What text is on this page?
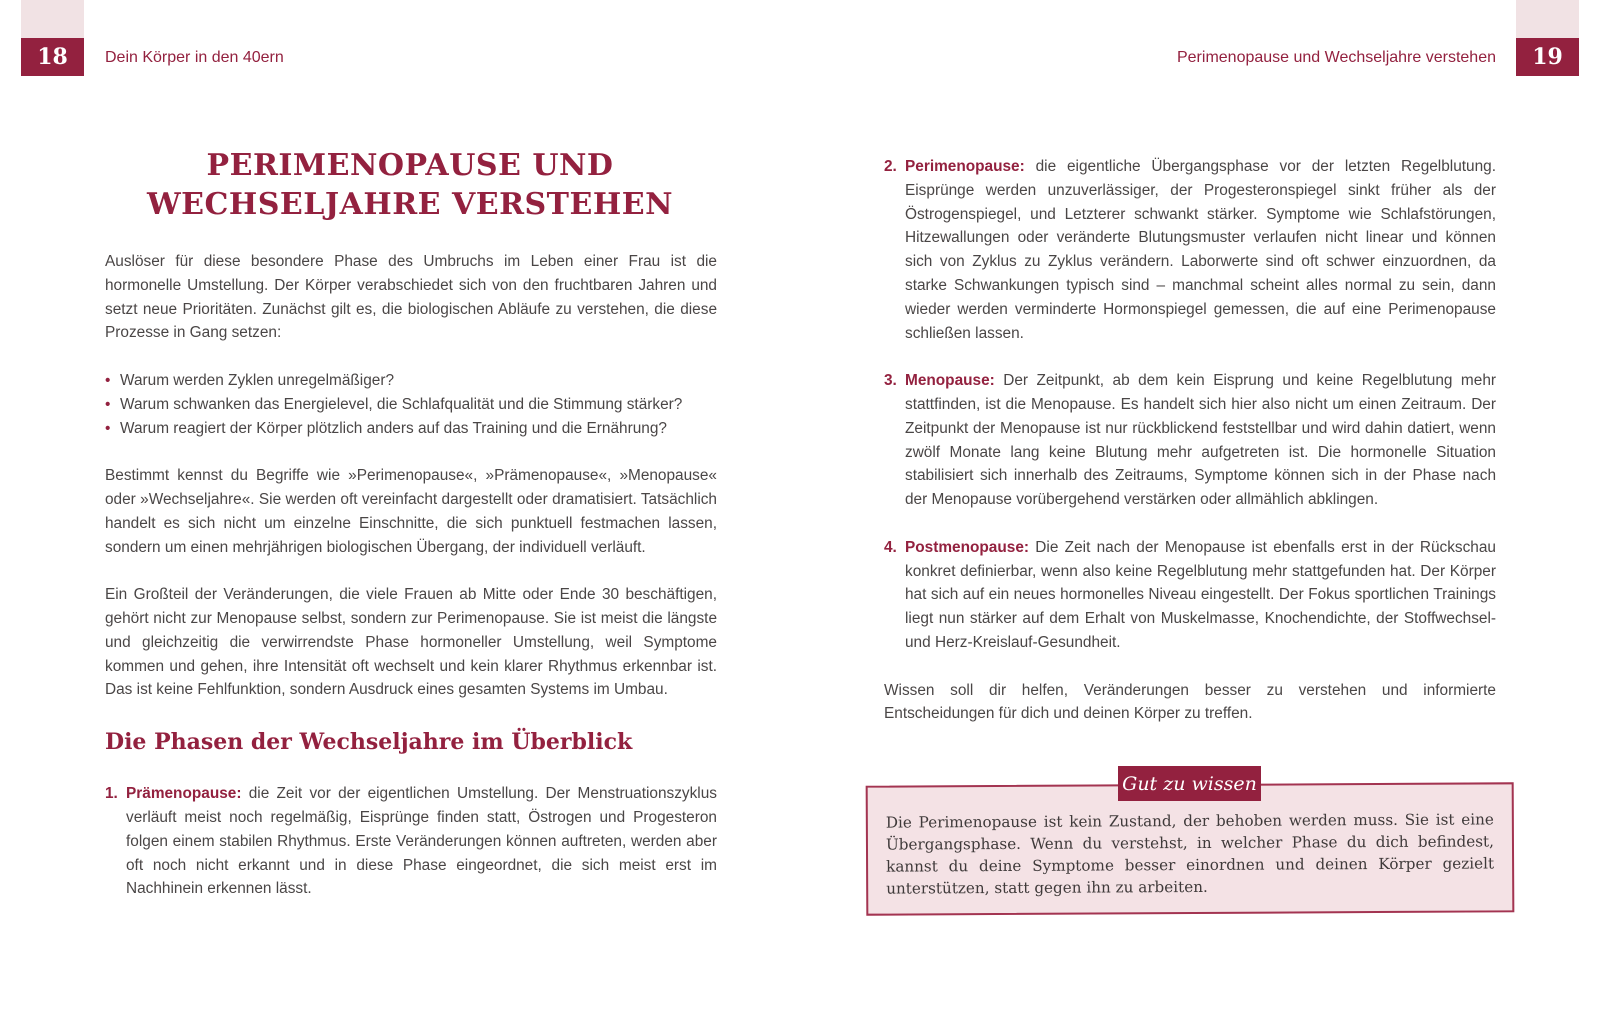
18	Dein Körper in den 40ern	19
Perimenopause und Wechseljahre verstehen
PERIMENOPAUSE UND
WECHSELJAHRE VERSTEHEN

Auslöser für diese besondere Phase des Umbruchs im Leben einer Frau ist die hormonelle Umstellung. Der Körper verabschiedet sich von den fruchtbaren Jahren und setzt neue Prioritäten. Zunächst gilt es, die biologischen Abläufe zu verstehen, die diese Prozesse in Gang setzen:

• Warum werden Zyklen unregelmäßiger?
• Warum schwanken das Energielevel, die Schlafqualität und die Stimmung stärker?
• Warum reagiert der Körper plötzlich anders auf das Training und die Ernährung?

Bestimmt kennst du Begriffe wie »Perimenopause«, »Prämenopause«, »Menopause« oder »Wechseljahre«. Sie werden oft vereinfacht dargestellt oder dramatisiert. Tatsächlich handelt es sich nicht um einzelne Einschnitte, die sich punktuell festmachen lassen, sondern um einen mehrjährigen biologischen Übergang, der individuell verläuft.

Ein Großteil der Veränderungen, die viele Frauen ab Mitte oder Ende 30 beschäftigen, gehört nicht zur Menopause selbst, sondern zur Perimenopause. Sie ist meist die längste und gleichzeitig die verwirrendste Phase hormoneller Umstellung, weil Symptome kommen und gehen, ihre Intensität oft wechselt und kein klarer Rhythmus erkennbar ist. Das ist keine Fehlfunktion, sondern Ausdruck eines gesamten Systems im Umbau.

Die Phasen der Wechseljahre im Überblick
1. Prämenopause: die Zeit vor der eigentlichen Umstellung. Der Menstruationszyklus verläuft meist noch regelmäßig, Eisprünge finden statt, Östrogen und Progesteron folgen einem stabilen Rhythmus. Erste Veränderungen können auftreten, werden aber oft noch nicht erkannt und in diese Phase eingeordnet, die sich meist erst im Nachhinein erkennen lässt.
2. Perimenopause: die eigentliche Übergangsphase vor der letzten Regelblutung. Eisprünge werden unzuverlässiger, der Progesteronspiegel sinkt früher als der Östrogenspiegel, und Letzterer schwankt stärker. Symptome wie Schlafstörungen, Hitzewallungen oder veränderte Blutungsmuster verlaufen nicht linear und können sich von Zyklus zu Zyklus verändern. Laborwerte sind oft schwer einzuordnen, da starke Schwankungen typisch sind – manchmal scheint alles normal zu sein, dann wieder werden verminderte Hormonspiegel gemessen, die auf eine Perimenopause schließen lassen.
3. Menopause: Der Zeitpunkt, ab dem kein Eisprung und keine Regelblutung mehr stattfinden, ist die Menopause. Es handelt sich hier also nicht um einen Zeitraum. Der Zeitpunkt der Menopause ist nur rückblickend feststellbar und wird dahin datiert, wenn zwölf Monate lang keine Blutung mehr aufgetreten ist. Die hormonelle Situation stabilisiert sich innerhalb des Zeitraums, Symptome können sich in der Phase nach der Menopause vorübergehend verstärken oder allmählich abklingen.
4. Postmenopause: Die Zeit nach der Menopause ist ebenfalls erst in der Rückschau konkret definierbar, wenn also keine Regelblutung mehr stattgefunden hat. Der Körper hat sich auf ein neues hormonelles Niveau eingestellt. Der Fokus sportlichen Trainings liegt nun stärker auf dem Erhalt von Muskelmasse, Knochendichte, der Stoffwechsel- und Herz-Kreislauf-Gesundheit.

Wissen soll dir helfen, Veränderungen besser zu verstehen und informierte Entscheidungen für dich und deinen Körper zu treffen.

Die Perimenopause ist kein Zustand, der behoben werden muss. Sie ist eine Übergangsphase. Wenn du verstehst, in welcher Phase du dich befindest, kannst du deine Symptome besser einordnen und deinen Körper gezielt unterstützen, statt gegen ihn zu arbeiten.
Gut zu wissen
